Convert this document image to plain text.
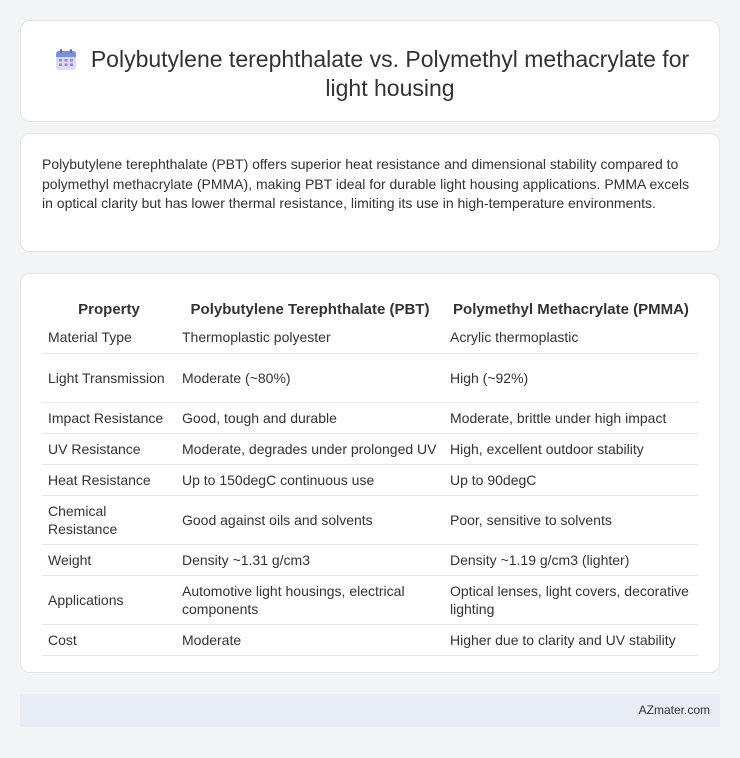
Polybutylene terephthalate vs. Polymethyl methacrylate for light housing

Polybutylene terephthalate (PBT) offers superior heat resistance and dimensional stability compared to polymethyl methacrylate (PMMA), making PBT ideal for durable light housing applications. PMMA excels in optical clarity but has lower thermal resistance, limiting its use in high-temperature environments.

Property	Polybutylene Terephthalate (PBT)	Polymethyl Methacrylate (PMMA)
Material Type	Thermoplastic polyester	Acrylic thermoplastic
Light Transmission	Moderate (~80%)	High (~92%)
Impact Resistance	Good, tough and durable	Moderate, brittle under high impact
UV Resistance	Moderate, degrades under prolonged UV	High, excellent outdoor stability
Heat Resistance	Up to 150degC continuous use	Up to 90degC
Chemical Resistance	Good against oils and solvents	Poor, sensitive to solvents
Weight	Density ~1.31 g/cm3	Density ~1.19 g/cm3 (lighter)
Applications	Automotive light housings, electrical components	Optical lenses, light covers, decorative lighting
Cost	Moderate	Higher due to clarity and UV stability
AZmater.com
